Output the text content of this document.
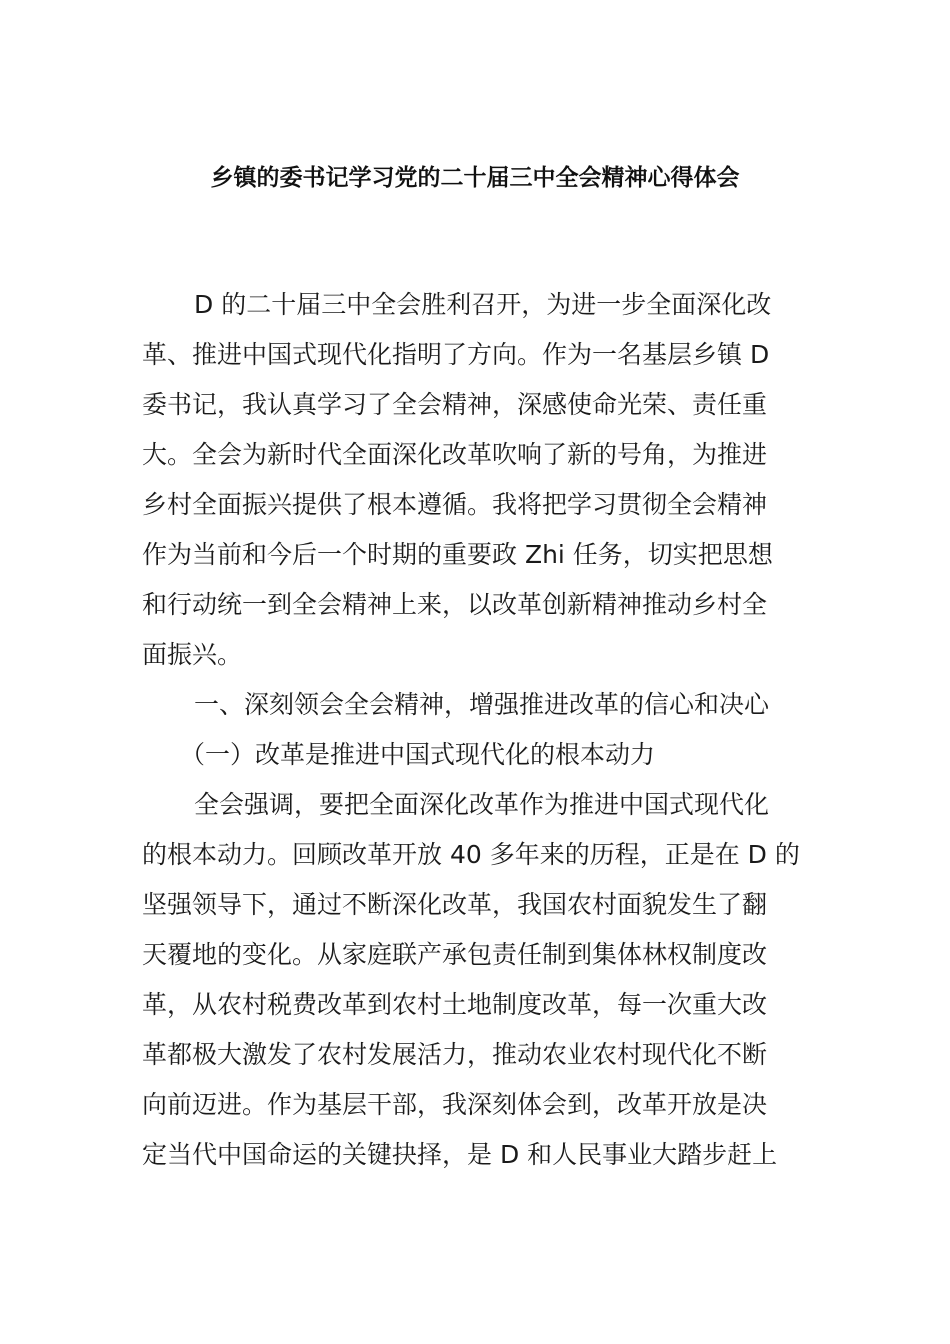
乡镇的委书记学习党的二十届三中全会精神心得体会
D 的二十届三中全会胜利召开，为进一步全面深化改
革、推进中国式现代化指明了方向。作为一名基层乡镇 D
委书记，我认真学习了全会精神，深感使命光荣、责任重
大。全会为新时代全面深化改革吹响了新的号角，为推进
乡村全面振兴提供了根本遵循。我将把学习贯彻全会精神
作为当前和今后一个时期的重要政 Zhi 任务，切实把思想
和行动统一到全会精神上来，以改革创新精神推动乡村全
面振兴。
一、深刻领会全会精神，增强推进改革的信心和决心
（一）改革是推进中国式现代化的根本动力
全会强调，要把全面深化改革作为推进中国式现代化
的根本动力。回顾改革开放 40 多年来的历程，正是在 D 的
坚强领导下，通过不断深化改革，我国农村面貌发生了翻
天覆地的变化。从家庭联产承包责任制到集体林权制度改
革，从农村税费改革到农村土地制度改革，每一次重大改
革都极大激发了农村发展活力，推动农业农村现代化不断
向前迈进。作为基层干部，我深刻体会到，改革开放是决
定当代中国命运的关键抉择，是 D 和人民事业大踏步赶上
